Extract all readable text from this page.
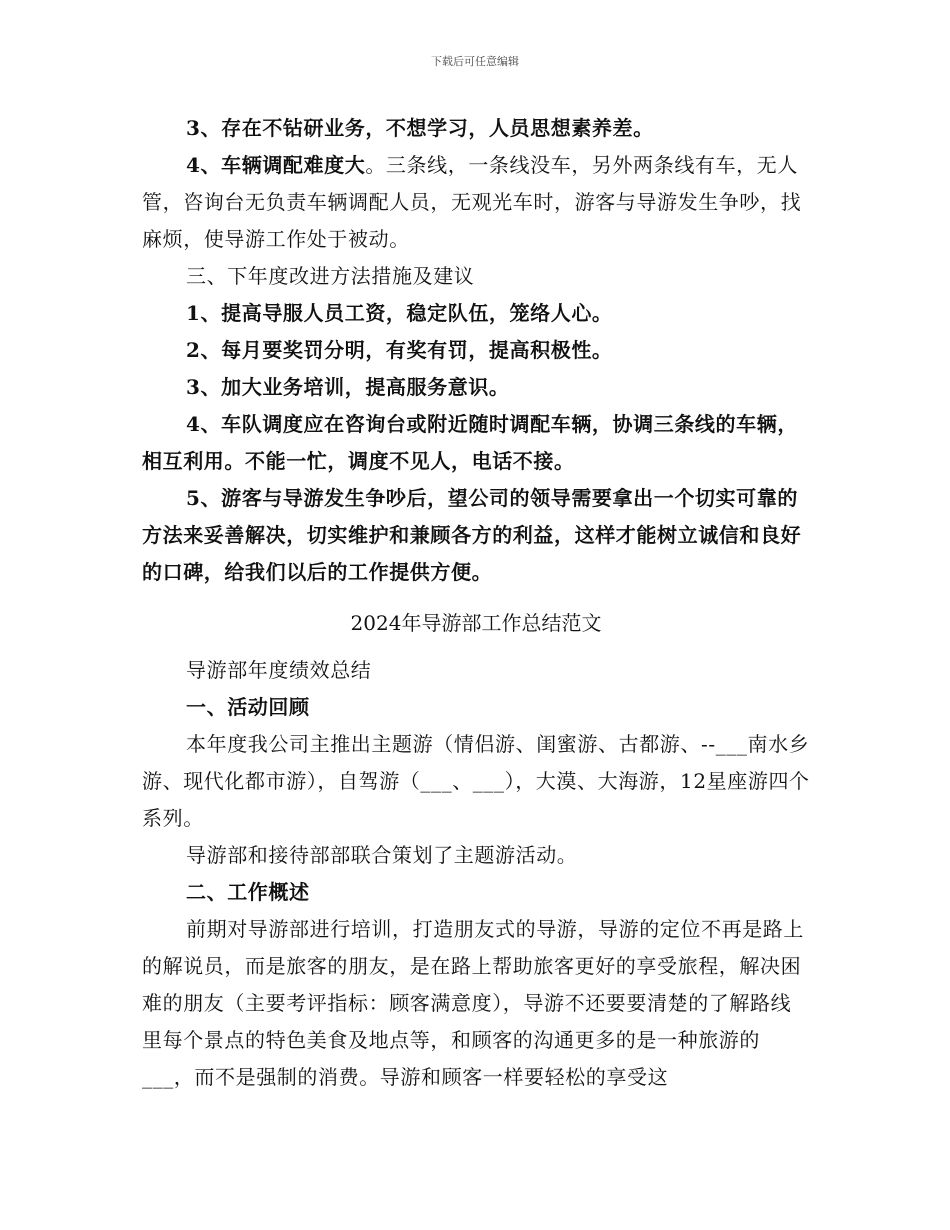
下载后可任意编辑

3、存在不钻研业务，不想学习，人员思想素养差。

4、车辆调配难度大。三条线，一条线没车，另外两条线有车，无人管，咨询台无负责车辆调配人员，无观光车时，游客与导游发生争吵，找麻烦，使导游工作处于被动。

三、下年度改进方法措施及建议

1、提高导服人员工资，稳定队伍，笼络人心。

2、每月要奖罚分明，有奖有罚，提高积极性。

3、加大业务培训，提高服务意识。

4、车队调度应在咨询台或附近随时调配车辆，协调三条线的车辆，相互利用。不能一忙，调度不见人，电话不接。

5、游客与导游发生争吵后，望公司的领导需要拿出一个切实可靠的方法来妥善解决，切实维护和兼顾各方的利益，这样才能树立诚信和良好的口碑，给我们以后的工作提供方便。

2024年导游部工作总结范文

导游部年度绩效总结

一、活动回顾

本年度我公司主推出主题游（情侣游、闺蜜游、古都游、--___南水乡游、现代化都市游），自驾游（___、___），大漠、大海游，12星座游四个系列。

导游部和接待部部联合策划了主题游活动。

二、工作概述

前期对导游部进行培训，打造朋友式的导游，导游的定位不再是路上的解说员，而是旅客的朋友，是在路上帮助旅客更好的享受旅程，解决困难的朋友（主要考评指标：顾客满意度），导游不还要要清楚的了解路线里每个景点的特色美食及地点等，和顾客的沟通更多的是一种旅游的___，而不是强制的消费。导游和顾客一样要轻松的享受这
